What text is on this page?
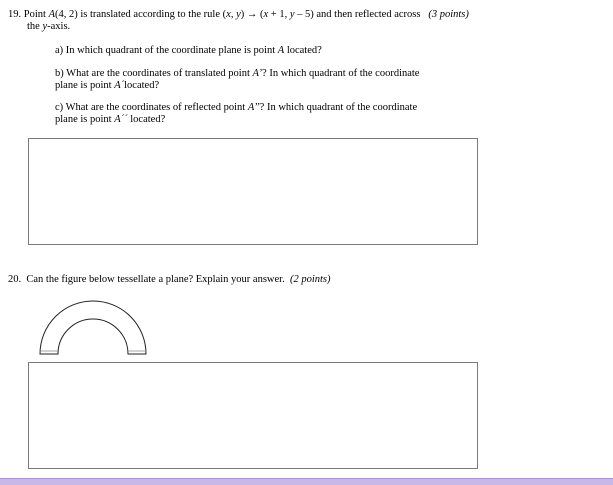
19. Point A(4, 2) is translated according to the rule (x, y) → (x + 1, y – 5) and then reflected across (3 points)
the y-axis.
a) In which quadrant of the coordinate plane is point A located?
b) What are the coordinates of translated point A’? In which quadrant of the coordinate
plane is point A´located?
c) What are the coordinates of reflected point A’’? In which quadrant of the coordinate
plane is point A´´ located?
20. Can the figure below tessellate a plane? Explain your answer. (2 points)
